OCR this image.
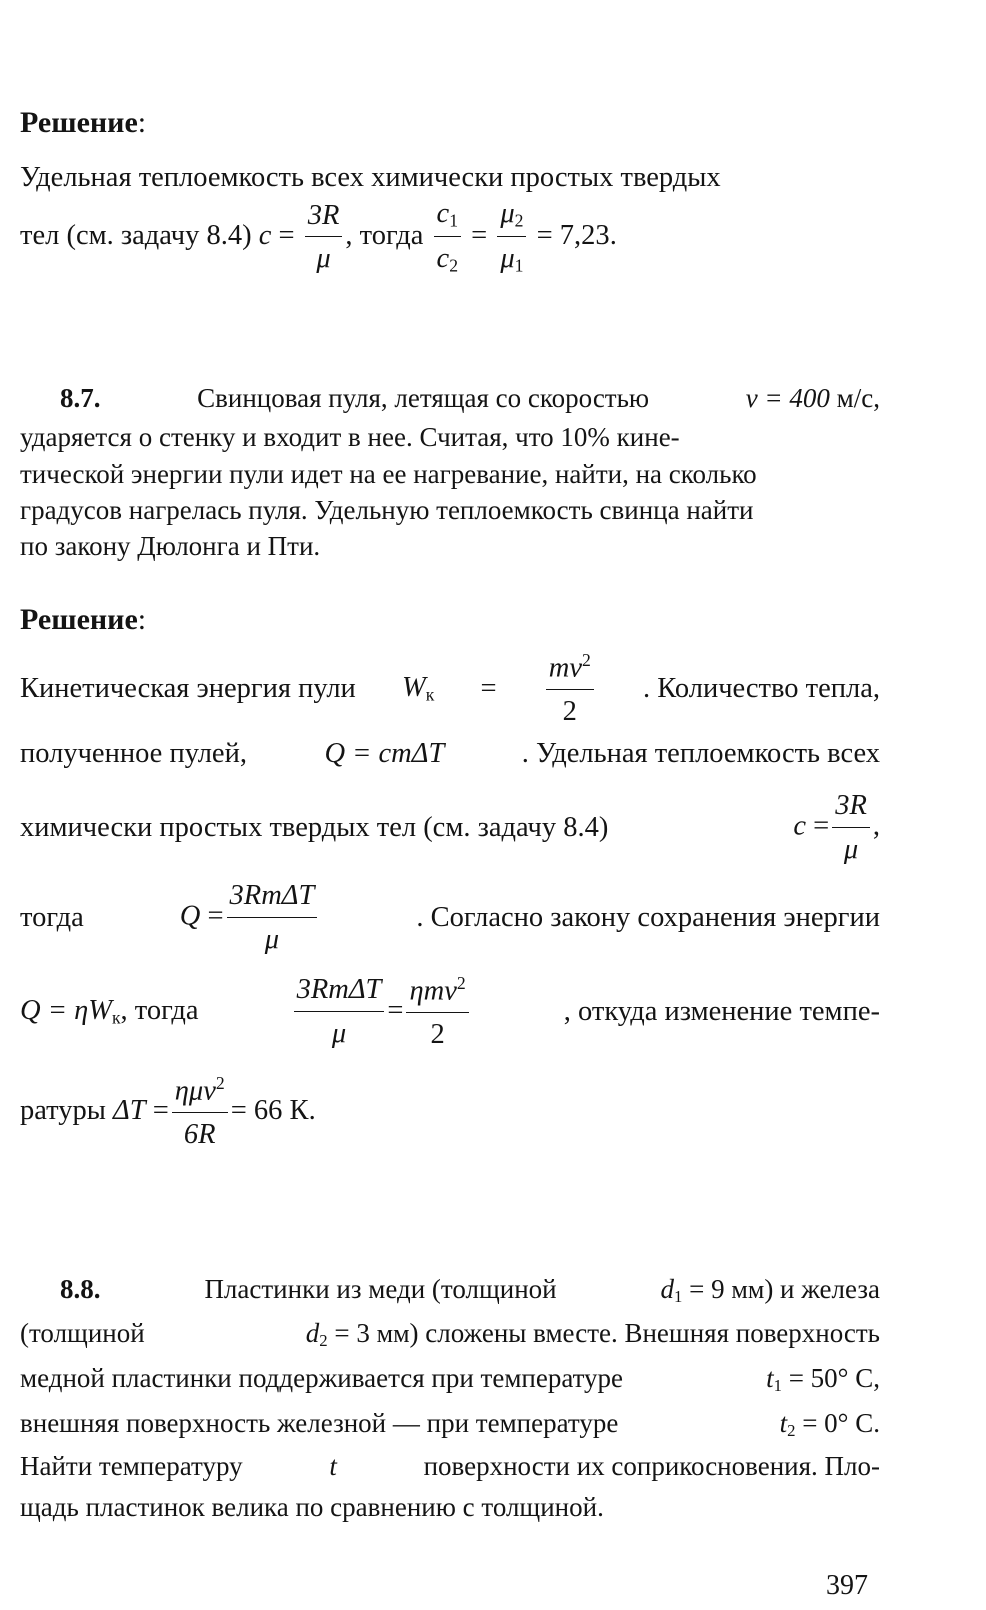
Решение:
Удельная теплоемкость всех химически простых твердых
тел (см. задачу 8.4) $c = \frac{3R}{\mu}$ , тогда $\frac{c_1}{c_2} = \frac{\mu_2}{\mu_1} = 7,23$.
8.7.	Свинцовая пуля, летящая со скоростью	v = 400 м/с,
ударяется о стенку и входит в нее. Считая, что 10% кине-
тической энергии пули идет на ее нагревание, найти, на сколько
градусов нагрелась пуля. Удельную теплоемкость свинца найти
по закону Дюлонга и Пти.
Решение:
Кинетическая энергия пули $W_к = \frac{mv^2}{2}$ . Количество тепла,
полученное пулей,	Q = cmΔT	. Удельная теплоемкость всех
химически простых твердых тел (см. задачу 8.4)	$c = \frac{3R}{\mu}$ ,
тогда	$Q = \frac{\text{3RmΔT}}{\mu}$	. Согласно закону сохранения энергии
$Q = \eta W_к$, тогда	$\frac{\text{3RmΔT}}{\mu} = \frac{\eta mv^2}{2}$	, откуда изменение темпе-
ратуры $\Delta T = \frac{\eta\mu v^2}{6R} = 66$ К.
8.8.	Пластинки из меди (толщиной	$d_1 = 9$ мм) и железа
(толщиной	$d_2 = 3$ мм) сложены вместе. Внешняя поверхность
медной пластинки поддерживается при температуре	$t_1 = 50^\circ$ C,
внешняя поверхность железной — при температуре	$t_2 = 0^\circ$ C.
Найти температуру	t	поверхности их соприкосновения. Пло-
щадь пластинок велика по сравнению с толщиной.
397
